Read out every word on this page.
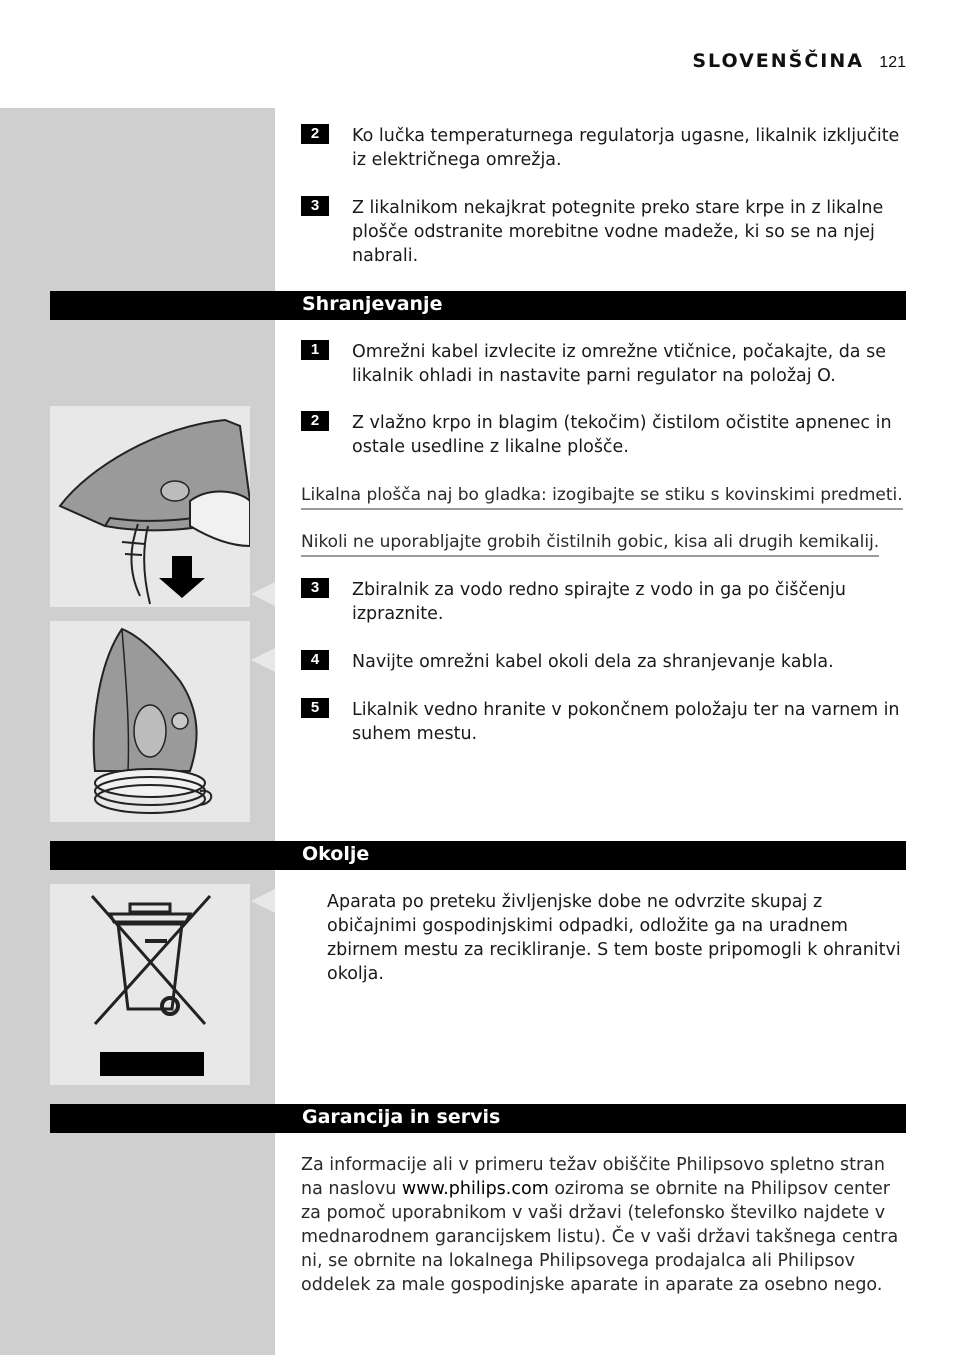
SLOVENŠČINA 121
2	Ko lučka temperaturnega regulatorja ugasne, likalnik izključite iz električnega omrežja.
3	Z likalnikom nekajkrat potegnite preko stare krpe in z likalne plošče odstranite morebitne vodne madeže, ki so se na njej nabrali.
Shranjevanje
1	Omrežni kabel izvlecite iz omrežne vtičnice, počakajte, da se likalnik ohladi in nastavite parni regulator na položaj O.
2	Z vlažno krpo in blagim (tekočim) čistilom očistite apnenec in ostale usedline z likalne plošče.
Likalna plošča naj bo gladka: izogibajte se stiku s kovinskimi predmeti.
Nikoli ne uporabljajte grobih čistilnih gobic, kisa ali drugih kemikalij.
3	Zbiralnik za vodo redno spirajte z vodo in ga po čiščenju izpraznite.
4	Navijte omrežni kabel okoli dela za shranjevanje kabla.
5	Likalnik vedno hranite v pokončnem položaju ter na varnem in suhem mestu.
Okolje
Aparata po preteku življenjske dobe ne odvrzite skupaj z običajnimi gospodinjskimi odpadki, odložite ga na uradnem zbirnem mestu za recikliranje. S tem boste pripomogli k ohranitvi okolja.
Garancija in servis
Za informacije ali v primeru težav obiščite Philipsovo spletno stran na naslovu www.philips.com oziroma se obrnite na Philipsov center za pomoč uporabnikom v vaši državi (telefonsko številko najdete v mednarodnem garancijskem listu). Če v vaši državi takšnega centra ni, se obrnite na lokalnega Philipsovega prodajalca ali Philipsov oddelek za male gospodinjske aparate in aparate za osebno nego.
